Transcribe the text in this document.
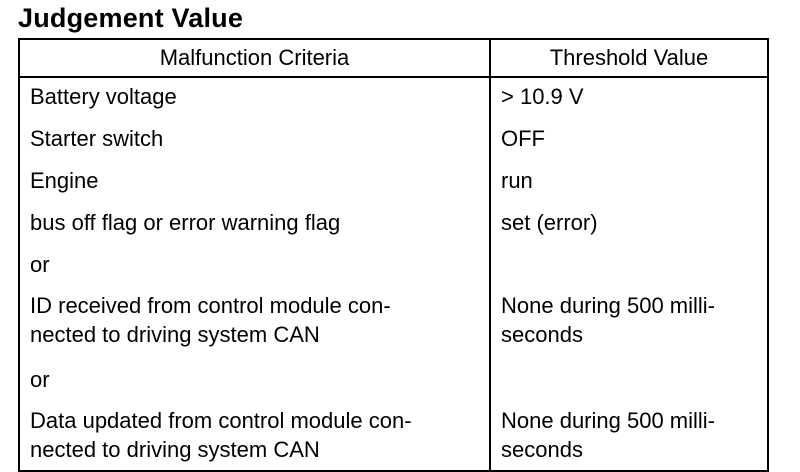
Judgement Value
Malfunction Criteria	Threshold Value
Battery voltage	> 10.9 V
Starter switch	OFF
Engine	run
bus off flag or error warning flag	set (error)
or	
ID received from control module con-
nected to driving system CAN	None during 500 milli-
seconds
or	
Data updated from control module con-
nected to driving system CAN	None during 500 milli-
seconds
